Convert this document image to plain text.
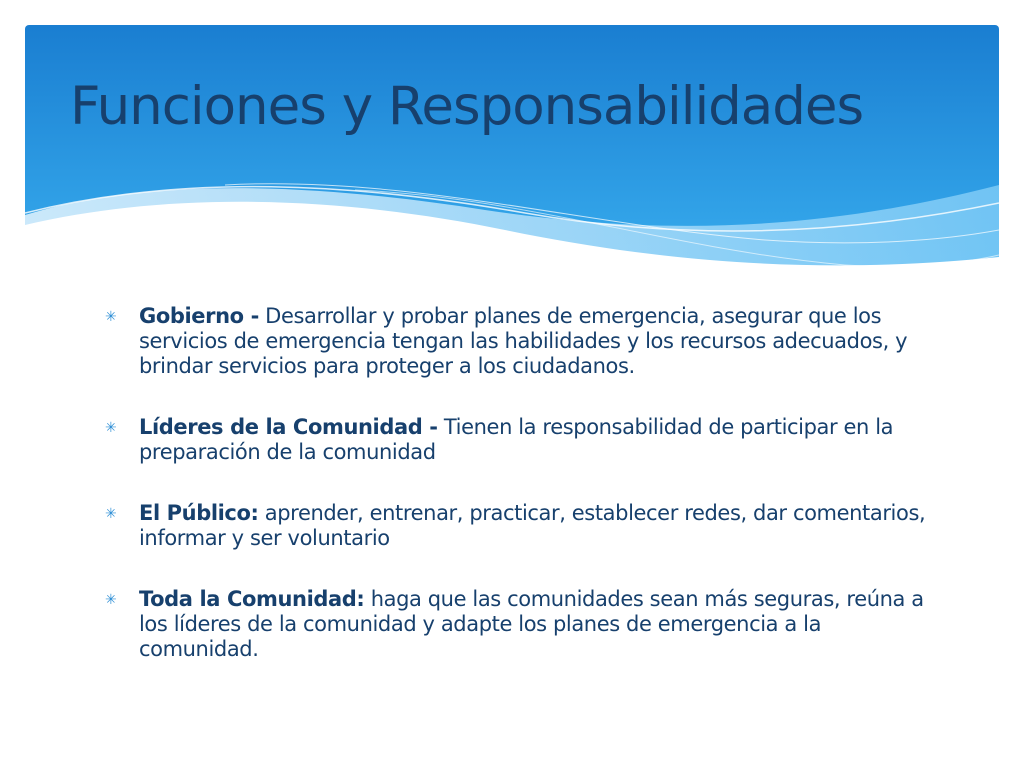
Funciones y Responsabilidades
✳ Gobierno - Desarrollar y probar planes de emergencia, asegurar que los servicios de emergencia tengan las habilidades y los recursos adecuados, y brindar servicios para proteger a los ciudadanos.
✳ Líderes de la Comunidad - Tienen la responsabilidad de participar en la preparación de la comunidad
✳ El Público: aprender, entrenar, practicar, establecer redes, dar comentarios, informar y ser voluntario
✳ Toda la Comunidad: haga que las comunidades sean más seguras, reúna a los líderes de la comunidad y adapte los planes de emergencia a la comunidad.
